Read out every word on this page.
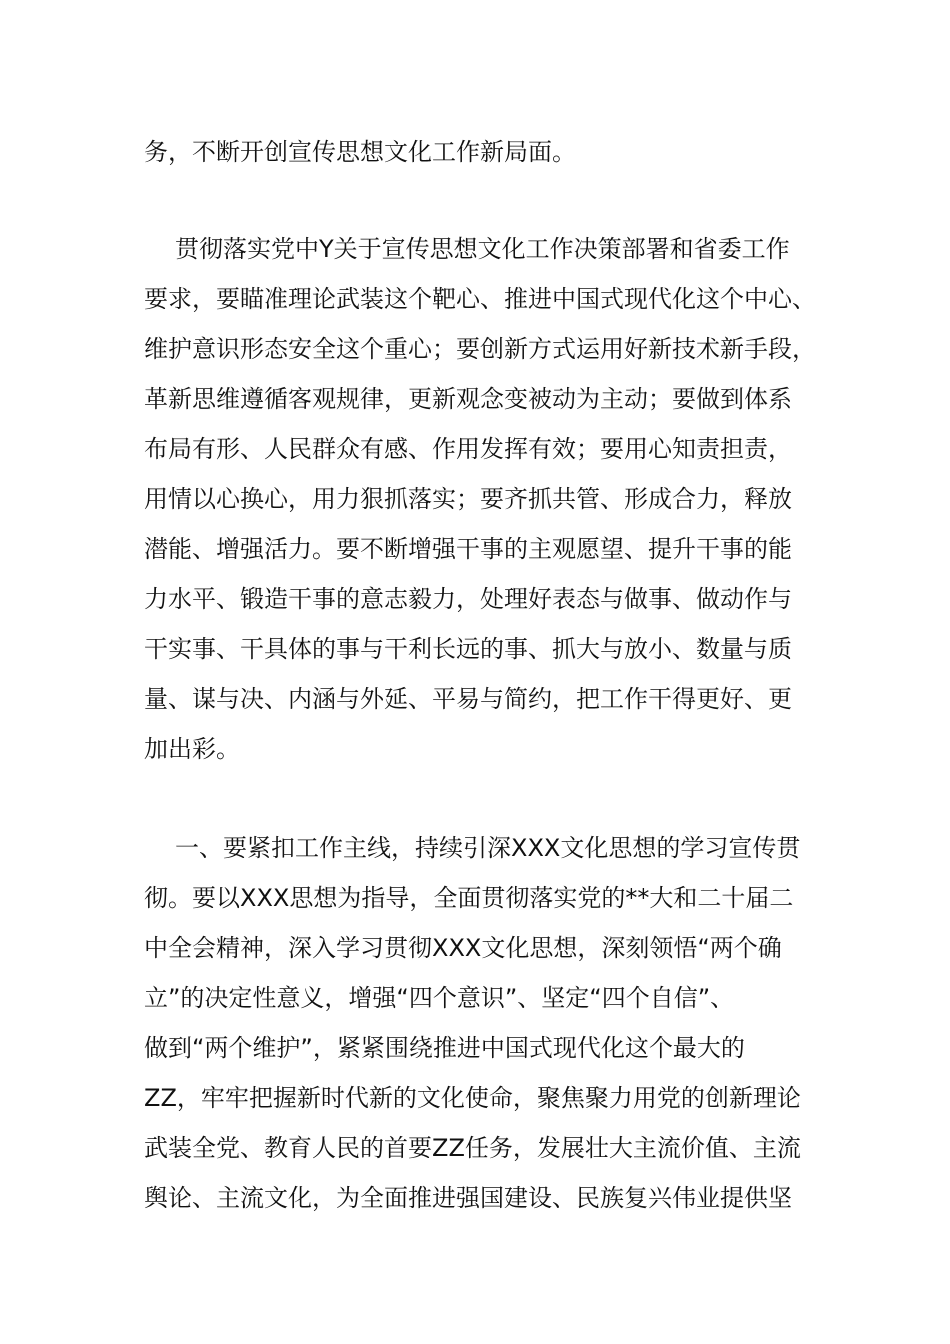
务，不断开创宣传思想文化工作新局面。
贯彻落实党中Y关于宣传思想文化工作决策部署和省委工作
要求，要瞄准理论武装这个靶心、推进中国式现代化这个中心、
维护意识形态安全这个重心；要创新方式运用好新技术新手段，
革新思维遵循客观规律，更新观念变被动为主动；要做到体系
布局有形、人民群众有感、作用发挥有效；要用心知责担责，
用情以心换心，用力狠抓落实；要齐抓共管、形成合力，释放
潜能、增强活力。要不断增强干事的主观愿望、提升干事的能
力水平、锻造干事的意志毅力，处理好表态与做事、做动作与
干实事、干具体的事与干利长远的事、抓大与放小、数量与质
量、谋与决、内涵与外延、平易与简约，把工作干得更好、更
加出彩。
一、要紧扣工作主线，持续引深XXX文化思想的学习宣传贯
彻。要以XXX思想为指导，全面贯彻落实党的**大和二十届二
中全会精神，深入学习贯彻XXX文化思想，深刻领悟“两个确
立”的决定性意义，增强“四个意识”、坚定“四个自信”、
做到“两个维护”，紧紧围绕推进中国式现代化这个最大的
ZZ，牢牢把握新时代新的文化使命，聚焦聚力用党的创新理论
武装全党、教育人民的首要ZZ任务，发展壮大主流价值、主流
舆论、主流文化，为全面推进强国建设、民族复兴伟业提供坚
